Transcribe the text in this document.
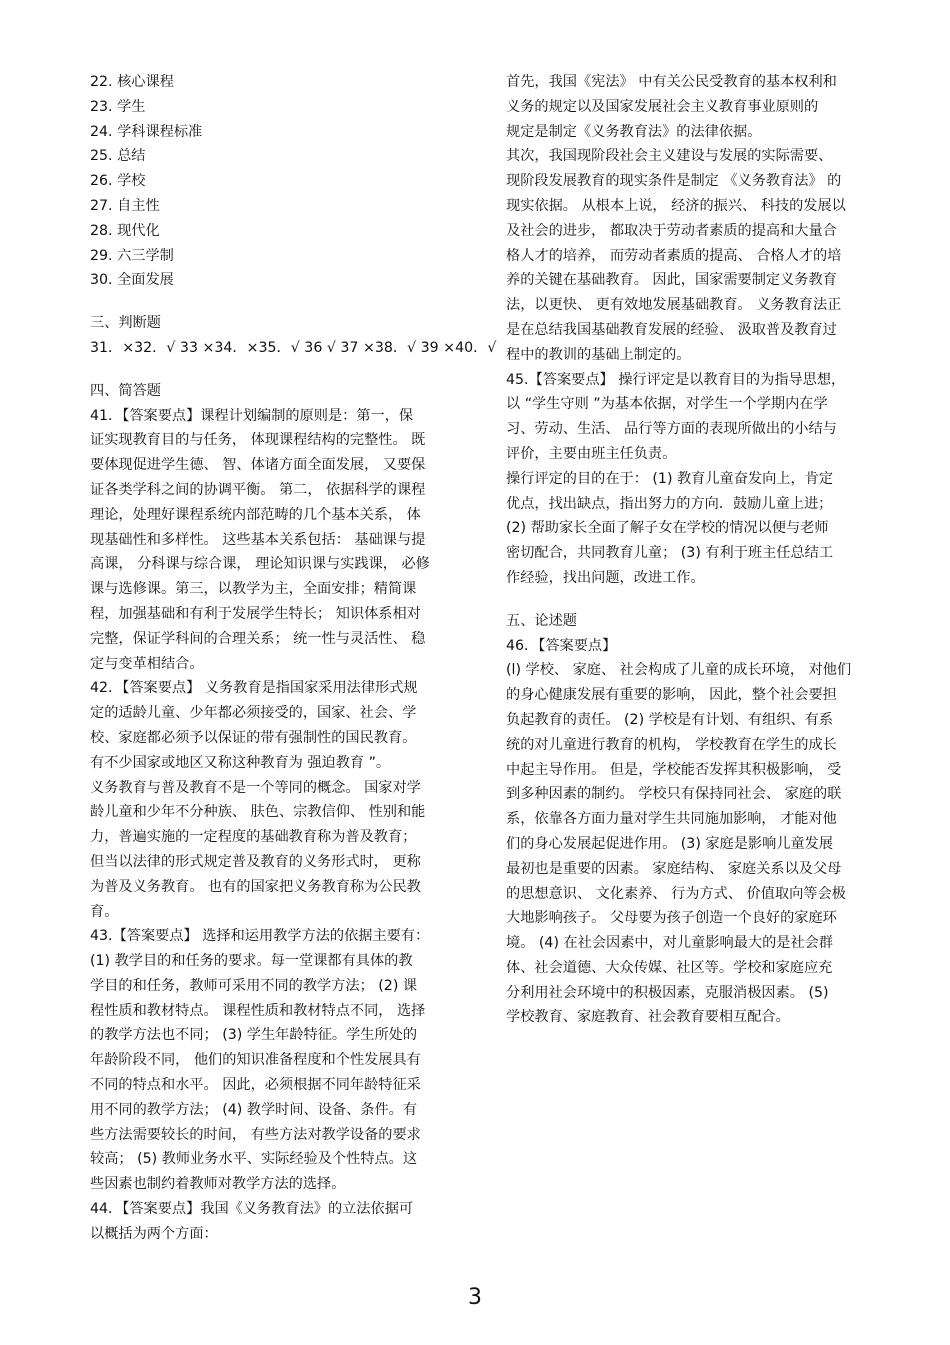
22. 核心课程
23. 学生
24. 学科课程标准
25. 总结
26. 学校
27. 自主性
28. 现代化
29. 六三学制
30. 全面发展
三、判断题
31．×32．√ 33 ×34．×35．√ 36 √ 37 ×38．√ 39 ×40．√
四、简答题
41．【答案要点】课程计划编制的原则是：第一，保
证实现教育目的与任务， 体现课程结构的完整性。 既
要体现促进学生德、 智、体诸方面全面发展， 又要保
证各类学科之间的协调平衡。 第二， 依据科学的课程
理论，处理好课程系统内部范畴的几个基本关系， 体
现基础性和多样性。 这些基本关系包括： 基础课与提
高课， 分科课与综合课， 理论知识课与实践课， 必修
课与选修课。第三，以教学为主，全面安排；精简课
程，加强基础和有利于发展学生特长； 知识体系相对
完整，保证学科间的合理关系； 统一性与灵活性、 稳
定与变革相结合。
42．【答案要点】 义务教育是指国家采用法律形式规
定的适龄儿童、少年都必须接受的，国家、社会、学
校、家庭都必须予以保证的带有强制性的国民教育。
有不少国家或地区又称这种教育为 强迫教育 ”。
义务教育与普及教育不是一个等同的概念。 国家对学
龄儿童和少年不分种族、 肤色、宗教信仰、 性别和能
力，普遍实施的一定程度的基础教育称为普及教育；
但当以法律的形式规定普及教育的义务形式时， 更称
为普及义务教育。 也有的国家把义务教育称为公民教
育。
43.【答案要点】 选择和运用教学方法的依据主要有：
(1) 教学目的和任务的要求。每一堂课都有具体的教
学目的和任务，教师可采用不同的教学方法； (2) 课
程性质和教材特点。 课程性质和教材特点不同， 选择
的教学方法也不同； (3) 学生年龄特征。学生所处的
年龄阶段不同， 他们的知识准备程度和个性发展具有
不同的特点和水平。 因此，必须根据不同年龄特征采
用不同的教学方法； (4) 教学时间、设备、条件。有
些方法需要较长的时间， 有些方法对教学设备的要求
较高； (5) 教师业务水平、实际经验及个性特点。这
些因素也制约着教师对教学方法的选择。
44．【答案要点】我国《义务教育法》的立法依据可
以概括为两个方面：
首先，我国《宪法》 中有关公民受教育的基本权利和
义务的规定以及国家发展社会主义教育事业原则的
规定是制定《义务教育法》的法律依据。
其次，我国现阶段社会主义建设与发展的实际需要、
现阶段发展教育的现实条件是制定 《义务教育法》 的
现实依据。 从根本上说， 经济的振兴、 科技的发展以
及社会的进步， 都取决于劳动者素质的提高和大量合
格人才的培养， 而劳动者素质的提高、 合格人才的培
养的关键在基础教育。 因此，国家需要制定义务教育
法，以更快、 更有效地发展基础教育。 义务教育法正
是在总结我国基础教育发展的经验、 汲取普及教育过
程中的教训的基础上制定的。
45.【答案要点】 操行评定是以教育目的为指导思想，
以 “学生守则 ”为基本依据，对学生一个学期内在学
习、劳动、生活、 品行等方面的表现所做出的小结与
评价，主要由班主任负责。
操行评定的目的在于： (1) 教育儿童奋发向上，肯定
优点，找出缺点，指出努力的方向．鼓励儿童上进；
(2) 帮助家长全面了解子女在学校的情况以便与老师
密切配合，共同教育儿童； (3) 有利于班主任总结工
作经验，找出问题，改进工作。
五、论述题
46．【答案要点】
(l) 学校、 家庭、 社会构成了儿童的成长环境， 对他们
的身心健康发展有重要的影响， 因此，整个社会要担
负起教育的责任。 (2) 学校是有计划、有组织、有系
统的对儿童进行教育的机构， 学校教育在学生的成长
中起主导作用。 但是，学校能否发挥其积极影响， 受
到多种因素的制约。 学校只有保持同社会、 家庭的联
系，依靠各方面力量对学生共同施加影响， 才能对他
们的身心发展起促进作用。 (3) 家庭是影响儿童发展
最初也是重要的因素。 家庭结构、 家庭关系以及父母
的思想意识、 文化素养、 行为方式、 价值取向等会极
大地影响孩子。 父母要为孩子创造一个良好的家庭环
境。 (4) 在社会因素中，对儿童影响最大的是社会群
体、社会道德、大众传媒、社区等。学校和家庭应充
分利用社会环境中的积极因素，克服消极因素。 (5)
学校教育、家庭教育、社会教育要相互配合。
3
